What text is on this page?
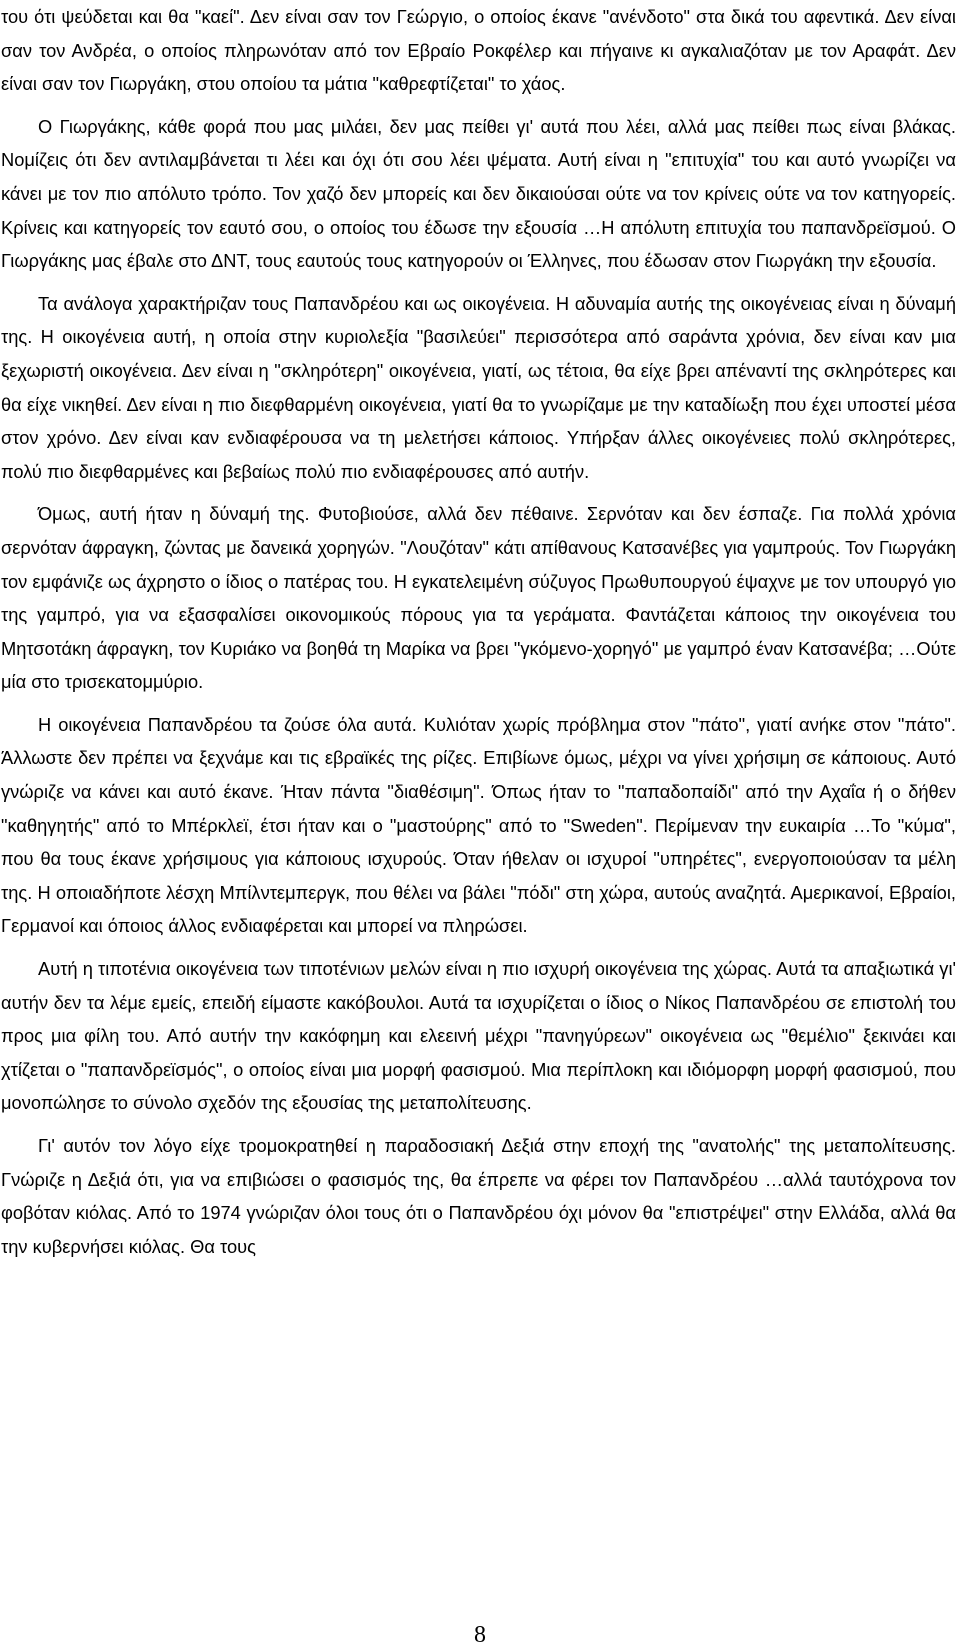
του ότι ψεύδεται και θα "καεί". Δεν είναι σαν τον Γεώργιο, ο οποίος έκανε "ανένδοτο" στα δικά του αφεντικά. Δεν είναι σαν τον Ανδρέα, ο οποίος πληρωνόταν από τον Εβραίο Ροκφέλερ και πήγαινε κι αγκαλιαζόταν με τον Αραφάτ. Δεν είναι σαν τον Γιωργάκη, στου οποίου τα μάτια "καθρεφτίζεται" το χάος.

Ο Γιωργάκης, κάθε φορά που μας μιλάει, δεν μας πείθει γι' αυτά που λέει, αλλά μας πείθει πως είναι βλάκας. Νομίζεις ότι δεν αντιλαμβάνεται τι λέει και όχι ότι σου λέει ψέματα. Αυτή είναι η "επιτυχία" του και αυτό γνωρίζει να κάνει με τον πιο απόλυτο τρόπο. Τον χαζό δεν μπορείς και δεν δικαιούσαι ούτε να τον κρίνεις ούτε να τον κατηγορείς. Κρίνεις και κατηγορείς τον εαυτό σου, ο οποίος του έδωσε την εξουσία …Η απόλυτη επιτυχία του παπανδρεϊσμού. Ο Γιωργάκης μας έβαλε στο ΔΝΤ, τους εαυτούς τους κατηγορούν οι Έλληνες, που έδωσαν στον Γιωργάκη την εξουσία.

Τα ανάλογα χαρακτήριζαν τους Παπανδρέου και ως οικογένεια. Η αδυναμία αυτής της οικογένειας είναι η δύναμή της. Η οικογένεια αυτή, η οποία στην κυριολεξία "βασιλεύει" περισσότερα από σαράντα χρόνια, δεν είναι καν μια ξεχωριστή οικογένεια. Δεν είναι η "σκληρότερη" οικογένεια, γιατί, ως τέτοια, θα είχε βρει απέναντί της σκληρότερες και θα είχε νικηθεί. Δεν είναι η πιο διεφθαρμένη οικογένεια, γιατί θα το γνωρίζαμε με την καταδίωξη που έχει υποστεί μέσα στον χρόνο. Δεν είναι καν ενδιαφέρουσα να τη μελετήσει κάποιος. Υπήρξαν άλλες οικογένειες πολύ σκληρότερες, πολύ πιο διεφθαρμένες και βεβαίως πολύ πιο ενδιαφέρουσες από αυτήν.

Όμως, αυτή ήταν η δύναμή της. Φυτοβιούσε, αλλά δεν πέθαινε. Σερνόταν και δεν έσπαζε. Για πολλά χρόνια σερνόταν άφραγκη, ζώντας με δανεικά χορηγών. "Λουζόταν" κάτι απίθανους Κατσανέβες για γαμπρούς. Τον Γιωργάκη τον εμφάνιζε ως άχρηστο ο ίδιος ο πατέρας του. Η εγκατελειμένη σύζυγος Πρωθυπουργού έψαχνε με τον υπουργό γιο της γαμπρό, για να εξασφαλίσει οικονομικούς πόρους για τα γεράματα. Φαντάζεται κάποιος την οικογένεια του Μητσοτάκη άφραγκη, τον Κυριάκο να βοηθά τη Μαρίκα να βρει "γκόμενο-χορηγό" με γαμπρό έναν Κατσανέβα; …Ούτε μία στο τρισεκατομμύριο.

Η οικογένεια Παπανδρέου τα ζούσε όλα αυτά. Κυλιόταν χωρίς πρόβλημα στον "πάτο", γιατί ανήκε στον "πάτο". Άλλωστε δεν πρέπει να ξεχνάμε και τις εβραϊκές της ρίζες. Επιβίωνε όμως, μέχρι να γίνει χρήσιμη σε κάποιους. Αυτό γνώριζε να κάνει και αυτό έκανε. Ήταν πάντα "διαθέσιμη". Όπως ήταν το "παπαδοπαίδι" από την Αχαΐα ή ο δήθεν "καθηγητής" από το Μπέρκλεϊ, έτσι ήταν και ο "μαστούρης" από το "Sweden". Περίμεναν την ευκαιρία …Το "κύμα", που θα τους έκανε χρήσιμους για κάποιους ισχυρούς. Όταν ήθελαν οι ισχυροί "υπηρέτες", ενεργοποιούσαν τα μέλη της. Η οποιαδήποτε λέσχη Μπίλντεμπεργκ, που θέλει να βάλει "πόδι" στη χώρα, αυτούς αναζητά. Αμερικανοί, Εβραίοι, Γερμανοί και όποιος άλλος ενδιαφέρεται και μπορεί να πληρώσει.

Αυτή η τιποτένια οικογένεια των τιποτένιων μελών είναι η πιο ισχυρή οικογένεια της χώρας. Αυτά τα απαξιωτικά γι' αυτήν δεν τα λέμε εμείς, επειδή είμαστε κακόβουλοι. Αυτά τα ισχυρίζεται ο ίδιος ο Νίκος Παπανδρέου σε επιστολή του προς μια φίλη του. Από αυτήν την κακόφημη και ελεεινή μέχρι "πανηγύρεων" οικογένεια ως "θεμέλιο" ξεκινάει και χτίζεται ο "παπανδρεϊσμός", ο οποίος είναι μια μορφή φασισμού. Μια περίπλοκη και ιδιόμορφη μορφή φασισμού, που μονοπώλησε το σύνολο σχεδόν της εξουσίας της μεταπολίτευσης.

Γι' αυτόν τον λόγο είχε τρομοκρατηθεί η παραδοσιακή Δεξιά στην εποχή της "ανατολής" της μεταπολίτευσης. Γνώριζε η Δεξιά ότι, για να επιβιώσει ο φασισμός της, θα έπρεπε να φέρει τον Παπανδρέου …αλλά ταυτόχρονα τον φοβόταν κιόλας. Από το 1974 γνώριζαν όλοι τους ότι ο Παπανδρέου όχι μόνον θα "επιστρέψει" στην Ελλάδα, αλλά θα την κυβερνήσει κιόλας. Θα τους

8
